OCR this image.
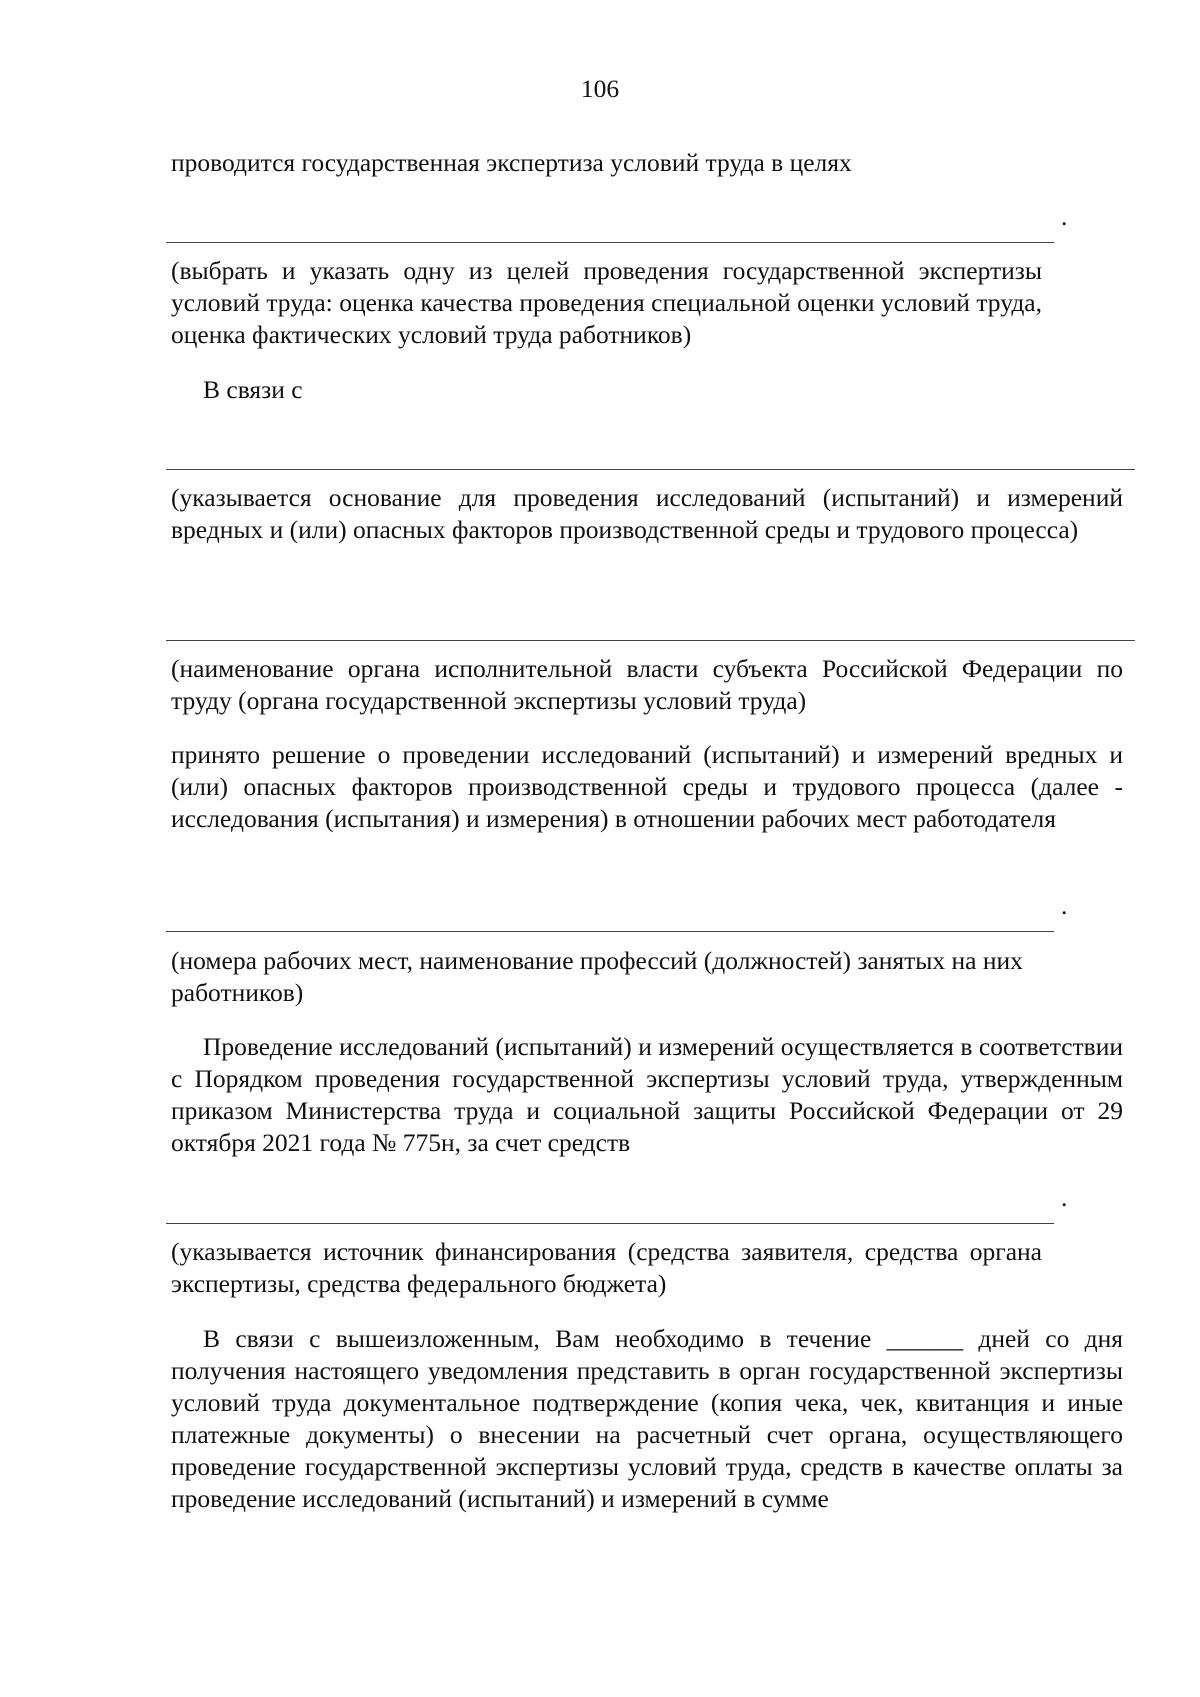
106
проводится государственная экспертиза условий труда в целях
.
(выбрать и указать одну из целей проведения государственной экспертизы условий труда: оценка качества проведения специальной оценки условий труда, оценка фактических условий труда работников)
В связи с
(указывается основание для проведения исследований (испытаний) и измерений вредных и (или) опасных факторов производственной среды и трудового процесса)
(наименование органа исполнительной власти субъекта Российской Федерации по труду (органа государственной экспертизы условий труда)
принято решение о проведении исследований (испытаний) и измерений вредных и (или) опасных факторов производственной среды и трудового процесса (далее - исследования (испытания) и измерения) в отношении рабочих мест работодателя
.
(номера рабочих мест, наименование профессий (должностей) занятых на них работников)
Проведение исследований (испытаний) и измерений осуществляется в соответствии с Порядком проведения государственной экспертизы условий труда, утвержденным приказом Министерства труда и социальной защиты Российской Федерации от 29 октября 2021 года № 775н, за счет средств
.
(указывается источник финансирования (средства заявителя, средства органа экспертизы, средства федерального бюджета)
В связи с вышеизложенным, Вам необходимо в течение ______ дней со дня получения настоящего уведомления представить в орган государственной экспертизы условий труда документальное подтверждение (копия чека, чек, квитанция и иные платежные документы) о внесении на расчетный счет органа, осуществляющего проведение государственной экспертизы условий труда, средств в качестве оплаты за проведение исследований (испытаний) и измерений в сумме
